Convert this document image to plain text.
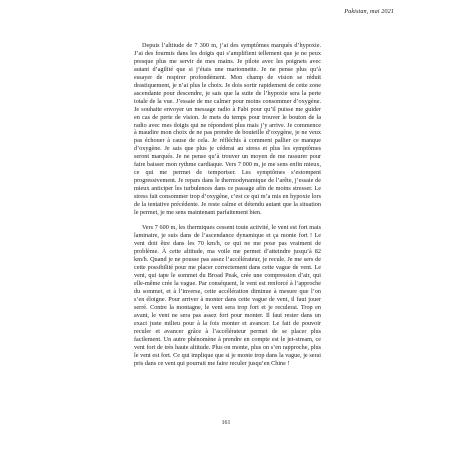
Pakistan, mai 2021

Depuis l’altitude de 7 300 m, j’ai des symptômes marqués d’hypoxie. J’ai des fourmis dans les doigts qui s’amplifient tellement que je ne peux presque plus me servir de mes mains. Je pilote avec les poignets avec autant d’agilité que si j’étais une marionnette. Je ne pense plus qu’à essayer de respirer profondément. Mon champ de vision se réduit drastiquement, je n’ai plus le choix. Je dois sortir rapidement de cette zone ascendante pour descendre, je sais que la suite de l’hypoxie sera la perte totale de la vue. J’essaie de me calmer pour moins consommer d’oxygène. Je souhaite envoyer un message radio à Fabi pour qu’il puisse me guider en cas de perte de vision. Je mets du temps pour trouver le bouton de la radio avec mes doigts qui ne répondent plus mais j’y arrive. Je commence à maudire mon choix de ne pas prendre de bouteille d’oxygène, je ne veux pas échouer à cause de cela. Je réfléchis à comment pallier ce manque d’oxygène. Je sais que plus je céderai au stress et plus les symptômes seront marqués. Je ne pense qu’à trouver un moyen de me rassurer pour faire baisser mon rythme cardiaque. Vers 7 000 m, je me sens enfin mieux, ce qui me permet de temporiser. Les symptômes s’estompent progressivement. Je repars dans le thermodynamique de l’arête, j’essaie de mieux anticiper les turbulences dans ce passage afin de moins stresser. Le stress fait consommer trop d’oxygène, c’est ce qui m’a mis en hypoxie lors de la tentative précédente. Je reste calme et détendu autant que la situation le permet, je me sens maintenant parfaitement bien.

Vers 7 600 m, les thermiques cessent toute activité, le vent est fort mais laminaire, je suis dans de l’ascendance dynamique et ça monte fort ! Le vent doit être dans les 70 km/h, ce qui ne me pose pas vraiment de problème. À cette altitude, ma voile me permet d’atteindre jusqu’à 82 km/h. Quand je ne pousse pas assez l’accélérateur, je recule. Je me sers de cette possibilité pour me placer correctement dans cette vague de vent. Le vent, qui tape le sommet du Broad Peak, crée une compression d’air, qui elle-même crée la vague. Par conséquent, le vent est renforcé à l’approche du sommet, et à l’inverse, cette accélération diminue à mesure que l’on s’en éloigne. Pour arriver à monter dans cette vague de vent, il faut jouer serré. Contre la montagne, le vent sera trop fort et je reculerai. Trop en avant, le vent ne sera pas assez fort pour monter. Il faut rester dans un exact juste milieu pour à la fois monter et avancer. Le fait de pouvoir reculer et avancer grâce à l’accélérateur permet de se placer plus facilement. Un autre phénomène à prendre en compte est le jet-stream, ce vent fort de très haute altitude. Plus on monte, plus on s’en rapproche, plus le vent est fort. Ce qui implique que si je monte trop dans la vague, je serai pris dans ce vent qui pourrait me faire reculer jusqu’en Chine !

161
